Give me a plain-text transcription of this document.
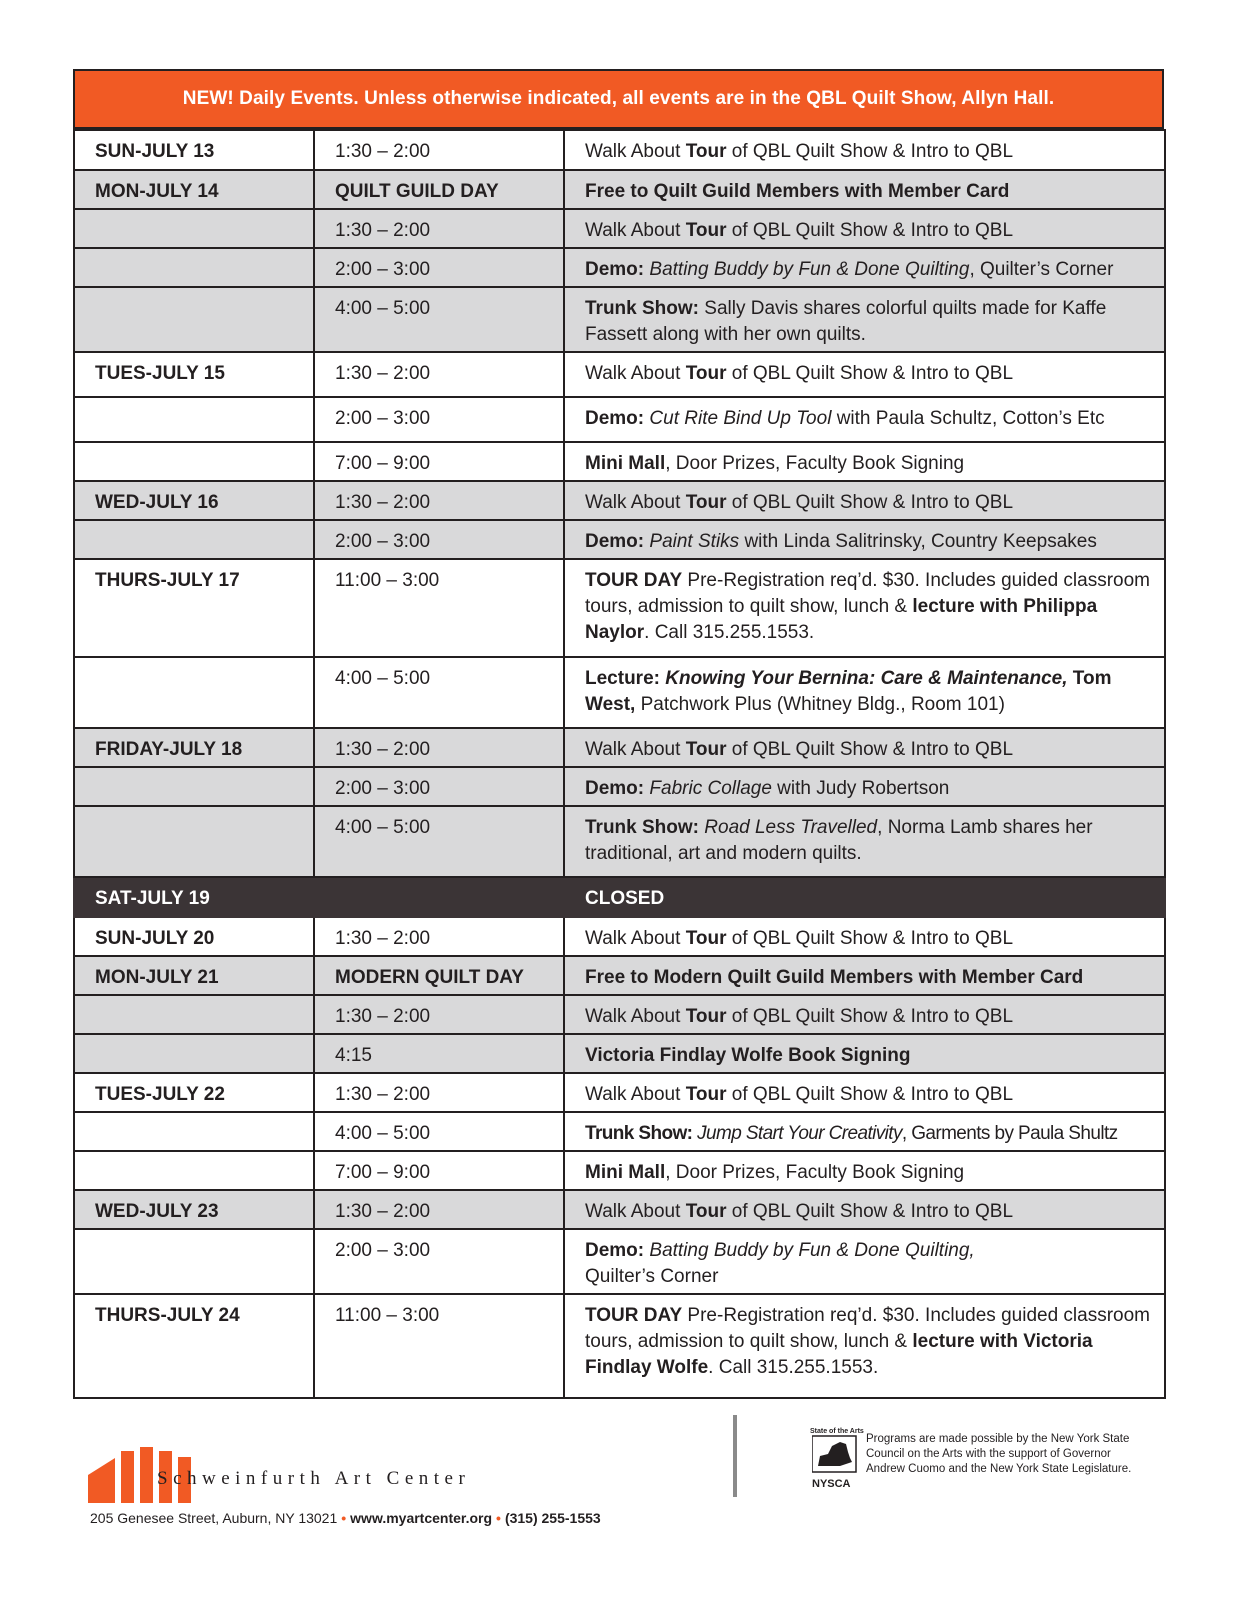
NEW! Daily Events. Unless otherwise indicated, all events are in the QBL Quilt Show, Allyn Hall.
SUN-JULY 13	1:30 – 2:00	Walk About Tour of QBL Quilt Show & Intro to QBL
MON-JULY 14	QUILT GUILD DAY	Free to Quilt Guild Members with Member Card
	1:30 – 2:00	Walk About Tour of QBL Quilt Show & Intro to QBL
	2:00 – 3:00	Demo: Batting Buddy by Fun & Done Quilting, Quilter’s Corner
	4:00 – 5:00	Trunk Show: Sally Davis shares colorful quilts made for Kaffe Fassett along with her own quilts.
TUES-JULY 15	1:30 – 2:00	Walk About Tour of QBL Quilt Show & Intro to QBL
	2:00 – 3:00	Demo: Cut Rite Bind Up Tool with Paula Schultz, Cotton’s Etc
	7:00 – 9:00	Mini Mall, Door Prizes, Faculty Book Signing
WED-JULY 16	1:30 – 2:00	Walk About Tour of QBL Quilt Show & Intro to QBL
	2:00 – 3:00	Demo: Paint Stiks with Linda Salitrinsky, Country Keepsakes
THURS-JULY 17	11:00 – 3:00	TOUR DAY Pre-Registration req’d. $30. Includes guided classroom tours, admission to quilt show, lunch & lecture with Philippa Naylor. Call 315.255.1553.
	4:00 – 5:00	Lecture: Knowing Your Bernina: Care & Maintenance, Tom West, Patchwork Plus (Whitney Bldg., Room 101)
FRIDAY-JULY 18	1:30 – 2:00	Walk About Tour of QBL Quilt Show & Intro to QBL
	2:00 – 3:00	Demo: Fabric Collage with Judy Robertson
	4:00 – 5:00	Trunk Show: Road Less Travelled, Norma Lamb shares her traditional, art and modern quilts.
SAT-JULY 19		CLOSED
SUN-JULY 20	1:30 – 2:00	Walk About Tour of QBL Quilt Show & Intro to QBL
MON-JULY 21	MODERN QUILT DAY	Free to Modern Quilt Guild Members with Member Card
	1:30 – 2:00	Walk About Tour of QBL Quilt Show & Intro to QBL
	4:15	Victoria Findlay Wolfe Book Signing
TUES-JULY 22	1:30 – 2:00	Walk About Tour of QBL Quilt Show & Intro to QBL
	4:00 – 5:00	Trunk Show: Jump Start Your Creativity, Garments by Paula Shultz
	7:00 – 9:00	Mini Mall, Door Prizes, Faculty Book Signing
WED-JULY 23	1:30 – 2:00	Walk About Tour of QBL Quilt Show & Intro to QBL
	2:00 – 3:00	Demo: Batting Buddy by Fun & Done Quilting,
Quilter’s Corner
THURS-JULY 24	11:00 – 3:00	TOUR DAY Pre-Registration req’d. $30. Includes guided classroom tours, admission to quilt show, lunch & lecture with Victoria Findlay Wolfe. Call 315.255.1553.
Schweinfurth Art Center
205 Genesee Street, Auburn, NY 13021 • www.myartcenter.org • (315) 255-1553
State of the Arts
NYSCA
Programs are made possible by the New York State Council on the Arts with the support of Governor Andrew Cuomo and the New York State Legislature.
